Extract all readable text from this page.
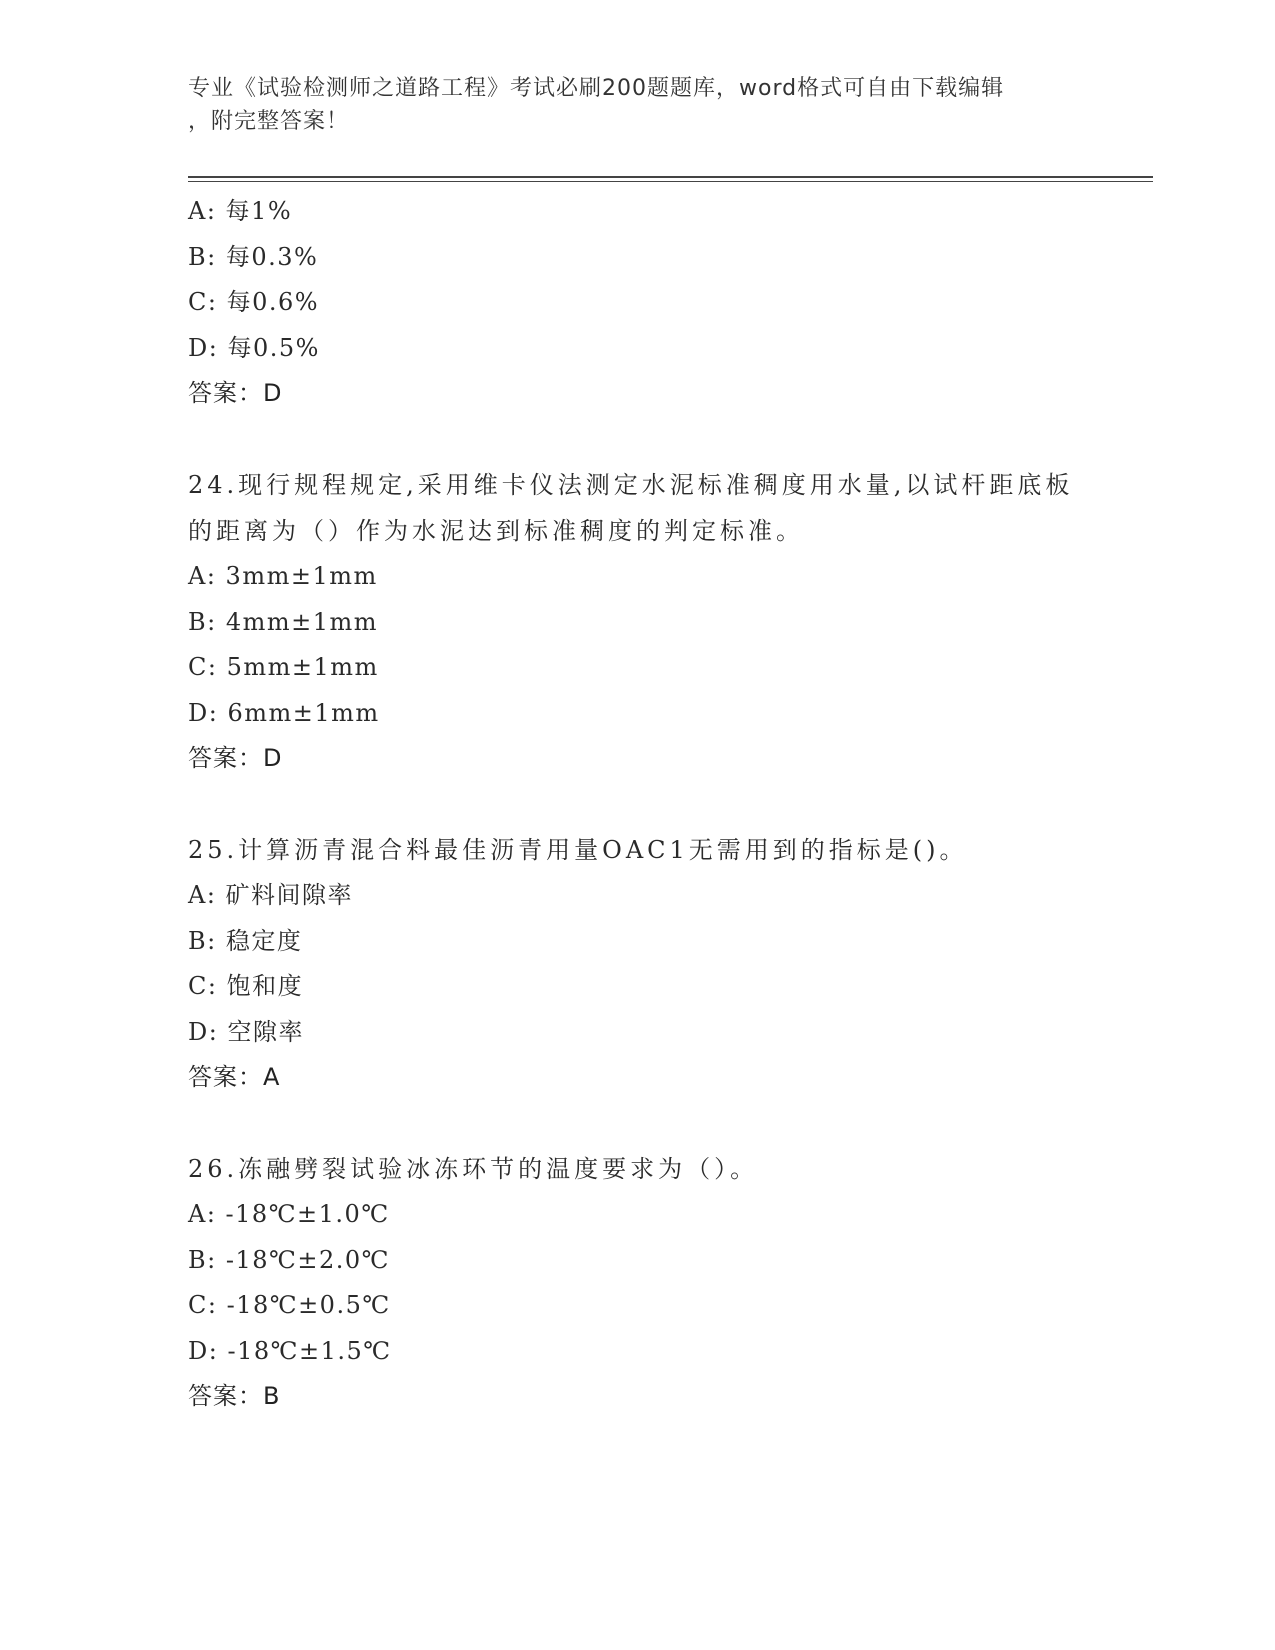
专业《试验检测师之道路工程》考试必刷200题题库，word格式可自由下载编辑
，附完整答案！
A: 每1%
B: 每0.3%
C: 每0.6%
D: 每0.5%
答案：D
24.现行规程规定,采用维卡仪法测定水泥标准稠度用水量,以试杆距底板的距离为（）作为水泥达到标准稠度的判定标准。
A: 3mm±1mm
B: 4mm±1mm
C: 5mm±1mm
D: 6mm±1mm
答案：D
25.计算沥青混合料最佳沥青用量OAC1无需用到的指标是()。
A: 矿料间隙率
B: 稳定度
C: 饱和度
D: 空隙率
答案：A
26.冻融劈裂试验冰冻环节的温度要求为（）。
A: -18℃±1.0℃
B: -18℃±2.0℃
C: -18℃±0.5℃
D: -18℃±1.5℃
答案：B
